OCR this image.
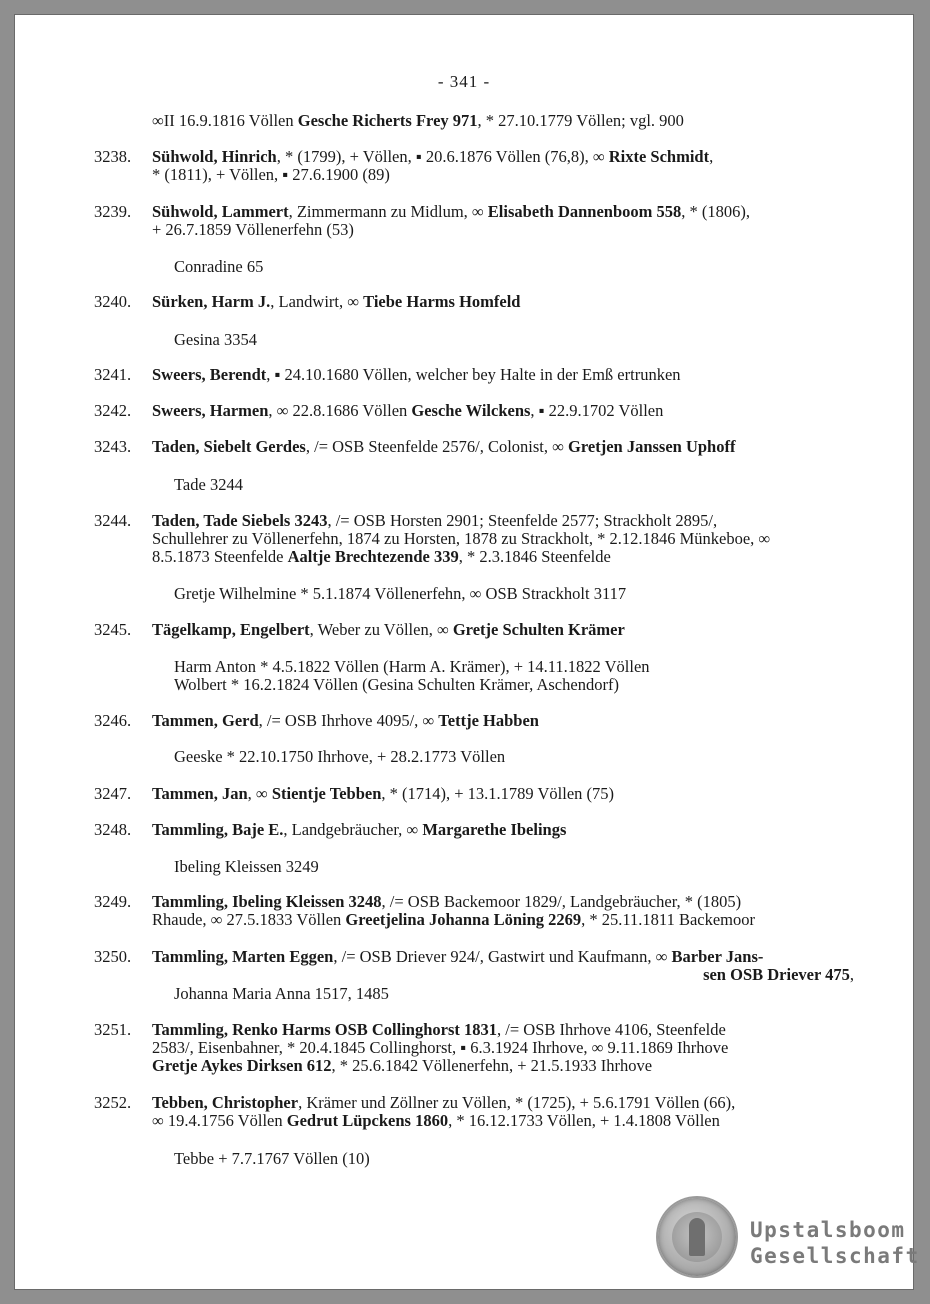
- 341 -
∞II 16.9.1816 Völlen Gesche Richerts Frey 971, * 27.10.1779 Völlen; vgl. 900
3238.	Sühwold, Hinrich, * (1799), + Völlen, ▪ 20.6.1876 Völlen (76,8), ∞ Rixte Schmidt,
* (1811), + Völlen, ▪ 27.6.1900 (89)
3239.	Sühwold, Lammert, Zimmermann zu Midlum, ∞ Elisabeth Dannenboom 558, * (1806),
+ 26.7.1859 Völlenerfehn (53)
Conradine 65
3240.	Sürken, Harm J., Landwirt, ∞ Tiebe Harms Homfeld
Gesina 3354
3241.	Sweers, Berendt, ▪ 24.10.1680 Völlen, welcher bey Halte in der Emß ertrunken
3242.	Sweers, Harmen, ∞ 22.8.1686 Völlen Gesche Wilckens, ▪ 22.9.1702 Völlen
3243.	Taden, Siebelt Gerdes, /= OSB Steenfelde 2576/, Colonist, ∞ Gretjen Janssen Uphoff
Tade 3244
3244.	Taden, Tade Siebels 3243, /= OSB Horsten 2901; Steenfelde 2577; Strackholt 2895/,
Schullehrer zu Völlenerfehn, 1874 zu Horsten, 1878 zu Strackholt, * 2.12.1846 Münkeboe, ∞
8.5.1873 Steenfelde Aaltje Brechtezende 339, * 2.3.1846 Steenfelde
Gretje Wilhelmine * 5.1.1874 Völlenerfehn, ∞ OSB Strackholt 3117
3245.	Tägelkamp, Engelbert, Weber zu Völlen, ∞ Gretje Schulten Krämer
Harm Anton * 4.5.1822 Völlen (Harm A. Krämer), + 14.11.1822 Völlen
Wolbert * 16.2.1824 Völlen (Gesina Schulten Krämer, Aschendorf)
3246.	Tammen, Gerd, /= OSB Ihrhove 4095/, ∞ Tettje Habben
Geeske * 22.10.1750 Ihrhove, + 28.2.1773 Völlen
3247.	Tammen, Jan, ∞ Stientje Tebben, * (1714), + 13.1.1789 Völlen (75)
3248.	Tammling, Baje E., Landgebräucher, ∞ Margarethe Ibelings
Ibeling Kleissen 3249
3249.	Tammling, Ibeling Kleissen 3248, /= OSB Backemoor 1829/, Landgebräucher, * (1805)
Rhaude, ∞ 27.5.1833 Völlen Greetjelina Johanna Löning 2269, * 25.11.1811 Backemoor
3250.	Tammling, Marten Eggen, /= OSB Driever 924/, Gastwirt und Kaufmann, ∞ Barber Jans-
sen OSB Driever 475,
Johanna Maria Anna 1517, 1485
3251.	Tammling, Renko Harms OSB Collinghorst 1831, /= OSB Ihrhove 4106, Steenfelde
2583/, Eisenbahner, * 20.4.1845 Collinghorst, ▪ 6.3.1924 Ihrhove, ∞ 9.11.1869 Ihrhove
Gretje Aykes Dirksen 612, * 25.6.1842 Völlenerfehn, + 21.5.1933 Ihrhove
3252.	Tebben, Christopher, Krämer und Zöllner zu Völlen, * (1725), + 5.6.1791 Völlen (66),
∞ 19.4.1756 Völlen Gedrut Lüpckens 1860, * 16.12.1733 Völlen, + 1.4.1808 Völlen
Tebbe + 7.7.1767 Völlen (10)
Upstalsboom
Gesellschaft
